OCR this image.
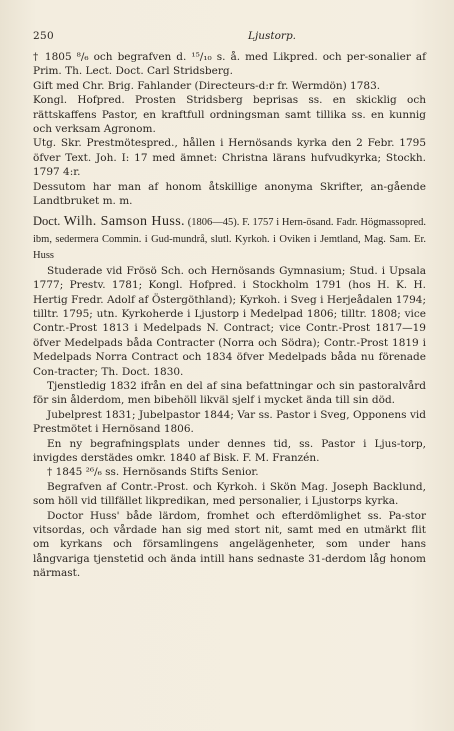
250	Ljustorp.

† 1805 ⁸/₆ och begrafven d. ¹⁵/₁₀ s. å. med Likpred. och per-sonalier af Prim. Th. Lect. Doct. Carl Stridsberg.

Gift med Chr. Brig. Fahlander (Directeurs-d:r fr. Wermdön) 1783.

Kongl. Hofpred. Prosten Stridsberg beprisas ss. en skicklig och rättskaffens Pastor, en kraftfull ordningsman samt tillika ss. en kunnig och verksam Agronom.

Utg. Skr. Prestmötespred., hållen i Hernösands kyrka den 2 Febr. 1795 öfver Text. Joh. I: 17 med ämnet: Christna lärans hufvudkyrka; Stockh. 1797 4:r.

Dessutom har man af honom åtskillige anonyma Skrifter, an-gående Landtbruket m. m.

Doct. Wilh. Samson Huss. (1806—45). F. 1757 i Hern-ösand. Fadr. Högmassopred. ibm, sedermera Commin. i Gud-mundrå, slutl. Kyrkoh. i Oviken i Jemtland, Mag. Sam. Er. Huss

Studerade vid Frösö Sch. och Hernösands Gymnasium; Stud. i Upsala 1777; Prestv. 1781; Kongl. Hofpred. i Stockholm 1791 (hos H. K. H. Hertig Fredr. Adolf af Östergöthland); Kyrkoh. i Sveg i Herjeådalen 1794; tilltr. 1795; utn. Kyrkoherde i Ljustorp i Medelpad 1806; tilltr. 1808; vice Contr.-Prost 1813 i Medelpads N. Contract; vice Contr.-Prost 1817—19 öfver Medelpads båda Contracter (Norra och Södra); Contr.-Prost 1819 i Medelpads Norra Contract och 1834 öfver Medelpads båda nu förenade Con-tracter; Th. Doct. 1830.

Tjenstledig 1832 ifrån en del af sina befattningar och sin pastoralvård för sin ålderdom, men bibehöll likväl sjelf i mycket ända till sin död.

Jubelprest 1831; Jubelpastor 1844; Var ss. Pastor i Sveg, Opponens vid Prestmötet i Hernösand 1806.

En ny begrafningsplats under dennes tid, ss. Pastor i Ljus-torp, invigdes derstädes omkr. 1840 af Bisk. F. M. Franzén.

† 1845 ²⁶/₆ ss. Hernösands Stifts Senior.

Begrafven af Contr.-Prost. och Kyrkoh. i Skön Mag. Joseph Backlund, som höll vid tillfället likpredikan, med personalier, i Ljustorps kyrka.

Doctor Huss' både lärdom, fromhet och efterdömlighet ss. Pa-stor vitsordas, och vårdade han sig med stort nit, samt med en utmärkt flit om kyrkans och församlingens angelägenheter, som under hans långvariga tjenstetid och ända intill hans sednaste 31-derdom låg honom närmast.
